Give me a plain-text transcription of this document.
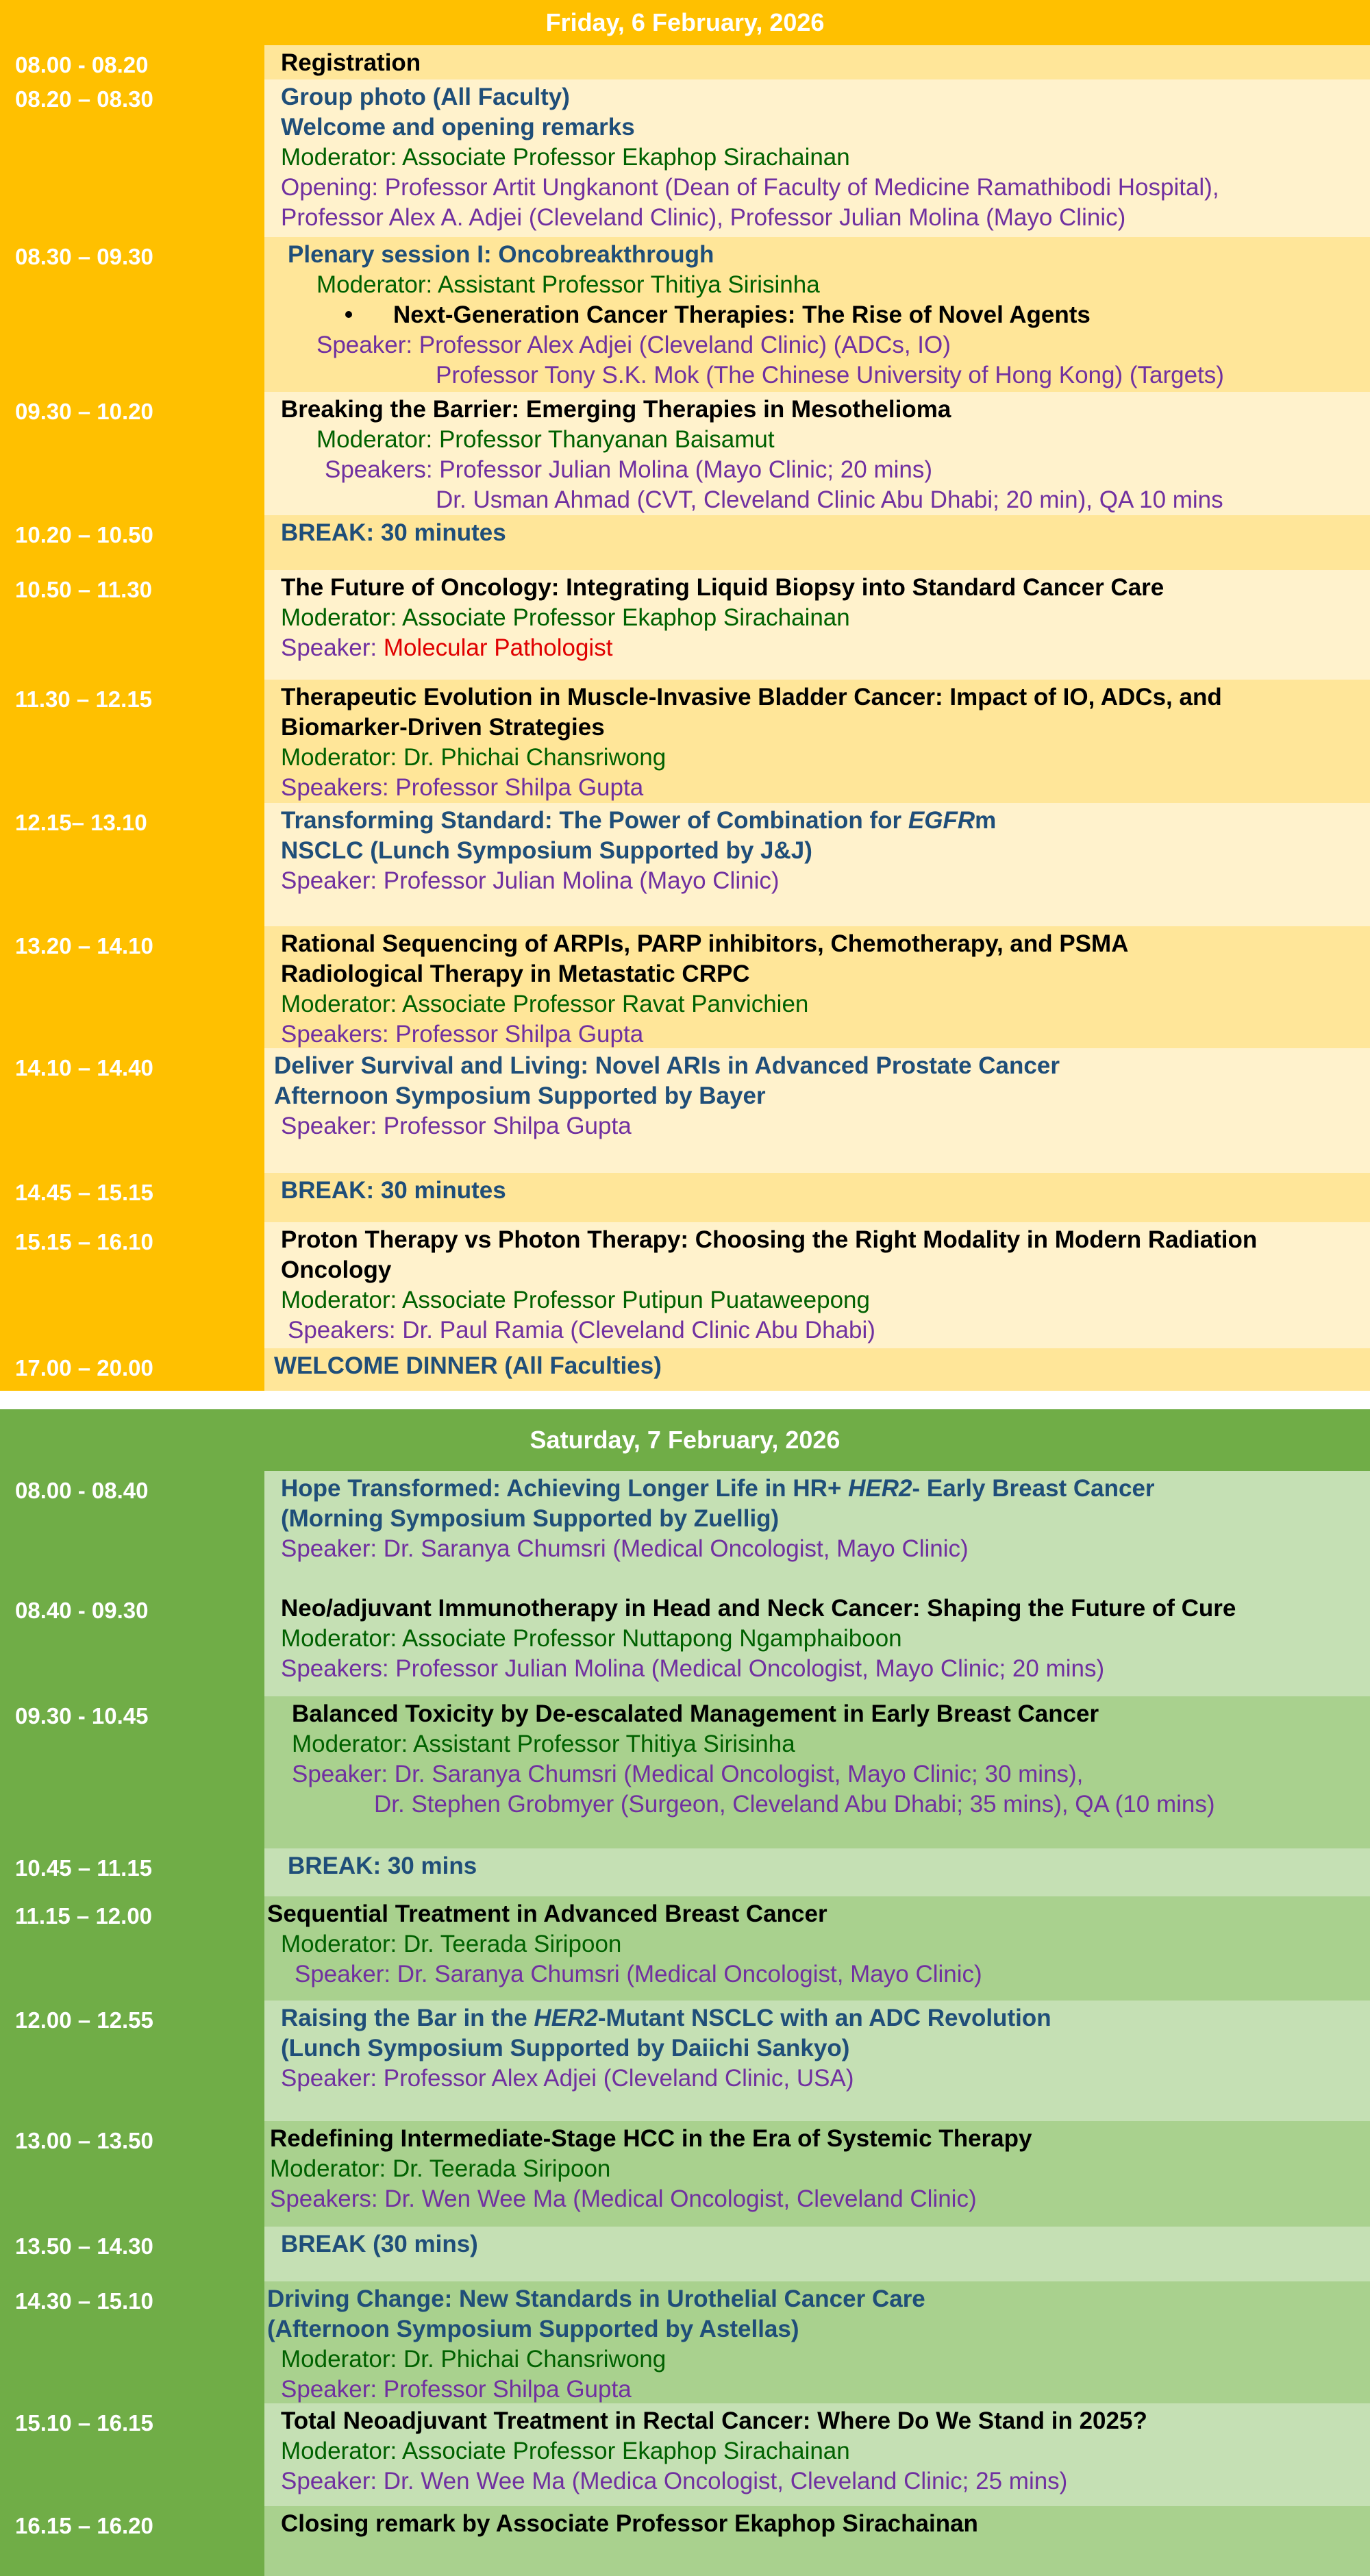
Friday, 6 February, 2026
08.00 - 08.20	Registration
08.20 – 08.30	Group photo (All Faculty)
Welcome and opening remarks
Moderator: Associate Professor Ekaphop Sirachainan
Opening: Professor Artit Ungkanont (Dean of Faculty of Medicine Ramathibodi Hospital),
Professor Alex A. Adjei (Cleveland Clinic), Professor Julian Molina (Mayo Clinic)
08.30 – 09.30	Plenary session I: Oncobreakthrough
Moderator: Assistant Professor Thitiya Sirisinha
Next-Generation Cancer Therapies: The Rise of Novel Agents
Speaker: Professor Alex Adjei (Cleveland Clinic) (ADCs, IO)
Professor Tony S.K. Mok (The Chinese University of Hong Kong) (Targets)
09.30 – 10.20	Breaking the Barrier: Emerging Therapies in Mesothelioma
Moderator: Professor Thanyanan Baisamut
Speakers: Professor Julian Molina (Mayo Clinic; 20 mins)
Dr. Usman Ahmad (CVT, Cleveland Clinic Abu Dhabi; 20 min), QA 10 mins
10.20 – 10.50	BREAK: 30 minutes
10.50 – 11.30	The Future of Oncology: Integrating Liquid Biopsy into Standard Cancer Care
Moderator: Associate Professor Ekaphop Sirachainan
Speaker: Molecular Pathologist
11.30 – 12.15	Therapeutic Evolution in Muscle-Invasive Bladder Cancer: Impact of IO, ADCs, and
Biomarker-Driven Strategies
Moderator: Dr. Phichai Chansriwong
Speakers: Professor Shilpa Gupta
12.15– 13.10	Transforming Standard: The Power of Combination for EGFRm
NSCLC (Lunch Symposium Supported by J&J)
Speaker: Professor Julian Molina (Mayo Clinic)
13.20 – 14.10	Rational Sequencing of ARPIs, PARP inhibitors, Chemotherapy, and PSMA
Radiological Therapy in Metastatic CRPC
Moderator: Associate Professor Ravat Panvichien
Speakers: Professor Shilpa Gupta
14.10 – 14.40	Deliver Survival and Living: Novel ARIs in Advanced Prostate Cancer
Afternoon Symposium Supported by Bayer
Speaker: Professor Shilpa Gupta
14.45 – 15.15	BREAK: 30 minutes
15.15 – 16.10	Proton Therapy vs Photon Therapy: Choosing the Right Modality in Modern Radiation
Oncology
Moderator: Associate Professor Putipun Puataweepong
Speakers: Dr. Paul Ramia (Cleveland Clinic Abu Dhabi)
17.00 – 20.00	WELCOME DINNER (All Faculties)
Saturday, 7 February, 2026
08.00 - 08.40	Hope Transformed: Achieving Longer Life in HR+ HER2- Early Breast Cancer
(Morning Symposium Supported by Zuellig)
Speaker: Dr. Saranya Chumsri (Medical Oncologist, Mayo Clinic)
08.40 - 09.30	Neo/adjuvant Immunotherapy in Head and Neck Cancer: Shaping the Future of Cure
Moderator: Associate Professor Nuttapong Ngamphaiboon
Speakers: Professor Julian Molina (Medical Oncologist, Mayo Clinic; 20 mins)
09.30 - 10.45	Balanced Toxicity by De-escalated Management in Early Breast Cancer
Moderator: Assistant Professor Thitiya Sirisinha
Speaker: Dr. Saranya Chumsri (Medical Oncologist, Mayo Clinic; 30 mins),
Dr. Stephen Grobmyer (Surgeon, Cleveland Abu Dhabi; 35 mins), QA (10 mins)
10.45 – 11.15	BREAK: 30 mins
11.15 – 12.00	Sequential Treatment in Advanced Breast Cancer
Moderator: Dr. Teerada Siripoon
Speaker: Dr. Saranya Chumsri (Medical Oncologist, Mayo Clinic)
12.00 – 12.55	Raising the Bar in the HER2-Mutant NSCLC with an ADC Revolution
(Lunch Symposium Supported by Daiichi Sankyo)
Speaker: Professor Alex Adjei (Cleveland Clinic, USA)
13.00 – 13.50	Redefining Intermediate-Stage HCC in the Era of Systemic Therapy
Moderator: Dr. Teerada Siripoon
Speakers: Dr. Wen Wee Ma (Medical Oncologist, Cleveland Clinic)
13.50 – 14.30	BREAK (30 mins)
14.30 – 15.10	Driving Change: New Standards in Urothelial Cancer Care
(Afternoon Symposium Supported by Astellas)
Moderator: Dr. Phichai Chansriwong
Speaker: Professor Shilpa Gupta
15.10 – 16.15	Total Neoadjuvant Treatment in Rectal Cancer: Where Do We Stand in 2025?
Moderator: Associate Professor Ekaphop Sirachainan
Speaker: Dr. Wen Wee Ma (Medica Oncologist, Cleveland Clinic; 25 mins)
16.15 – 16.20	Closing remark by Associate Professor Ekaphop Sirachainan
